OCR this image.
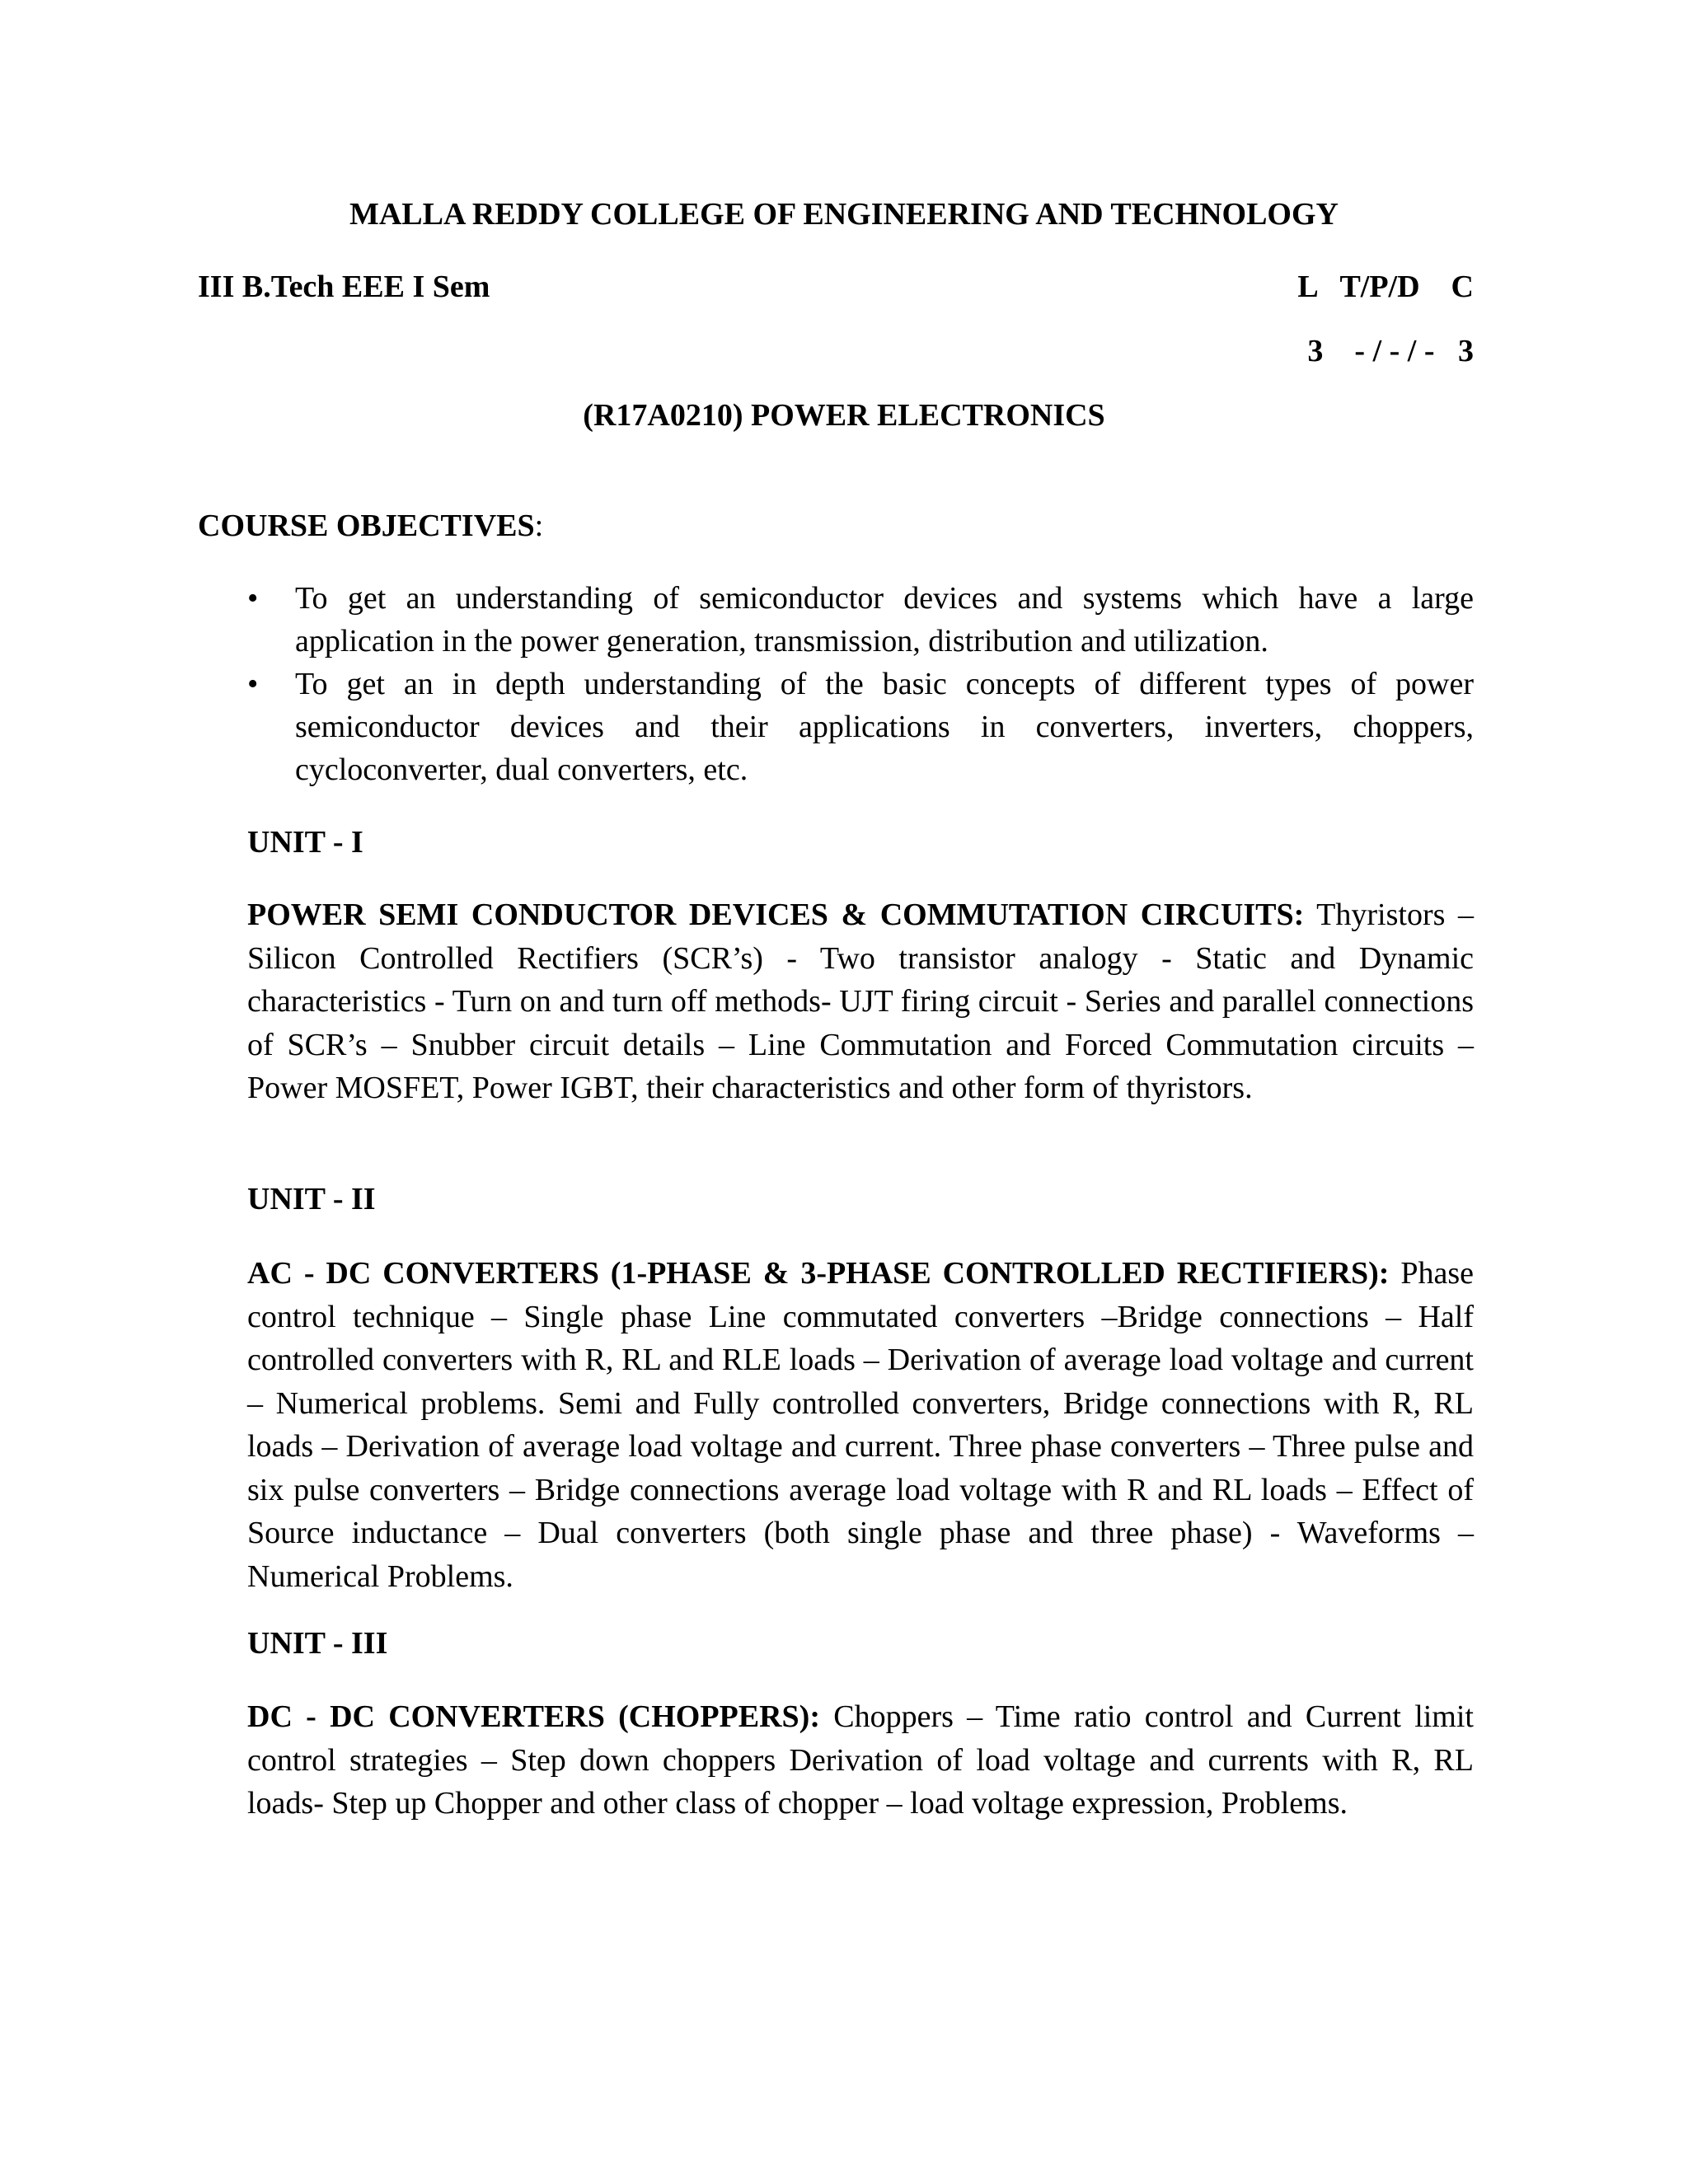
MALLA REDDY COLLEGE OF ENGINEERING AND TECHNOLOGY
III B.Tech EEE I Sem	L   T/P/D    C
3    - / - / -   3
(R17A0210) POWER ELECTRONICS
COURSE OBJECTIVES:
• To get an understanding of semiconductor devices and systems which have a large application in the power generation, transmission, distribution and utilization.
• To get an in depth understanding of the basic concepts of different types of power semiconductor devices and their applications in converters, inverters, choppers, cycloconverter, dual converters, etc.
UNIT - I
POWER SEMI CONDUCTOR DEVICES & COMMUTATION CIRCUITS: Thyristors – Silicon Controlled Rectifiers (SCR’s) - Two transistor analogy - Static and Dynamic characteristics - Turn on and turn off methods- UJT firing circuit - Series and parallel connections of SCR’s – Snubber circuit details – Line Commutation and Forced Commutation circuits – Power MOSFET, Power IGBT, their characteristics and other form of thyristors.
UNIT - II
AC - DC CONVERTERS (1-PHASE & 3-PHASE CONTROLLED RECTIFIERS): Phase control technique – Single phase Line commutated converters –Bridge connections – Half controlled converters with R, RL and RLE loads – Derivation of average load voltage and current – Numerical problems. Semi and Fully controlled converters, Bridge connections with R, RL loads – Derivation of average load voltage and current. Three phase converters – Three pulse and six pulse converters – Bridge connections average load voltage with R and RL loads – Effect of Source inductance – Dual converters (both single phase and three phase) - Waveforms –Numerical Problems.
UNIT - III
DC - DC CONVERTERS (CHOPPERS): Choppers – Time ratio control and Current limit control strategies – Step down choppers Derivation of load voltage and currents with R, RL loads- Step up Chopper and other class of chopper – load voltage expression, Problems.
